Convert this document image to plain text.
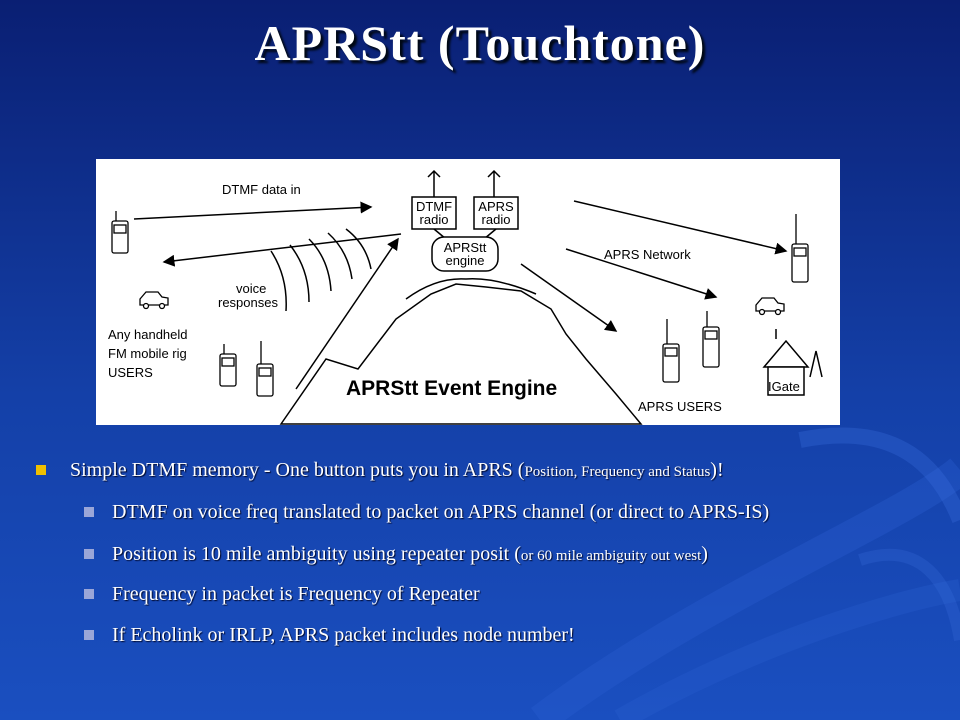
APRStt (Touchtone)
DTMF
radio
APRS
radio
APRStt
engine
DTMF data in
APRS Network
voice
responses
Any handheld
FM mobile rig
USERS
APRStt Event Engine
APRS USERS
IGate
Simple DTMF memory - One button puts you in APRS (Position, Frequency and Status)!
DTMF on voice freq translated to packet on APRS channel (or direct to APRS-IS)
Position is 10 mile ambiguity using repeater posit (or 60 mile ambiguity out west)
Frequency in packet is Frequency of Repeater
If Echolink or IRLP, APRS packet includes node number!
